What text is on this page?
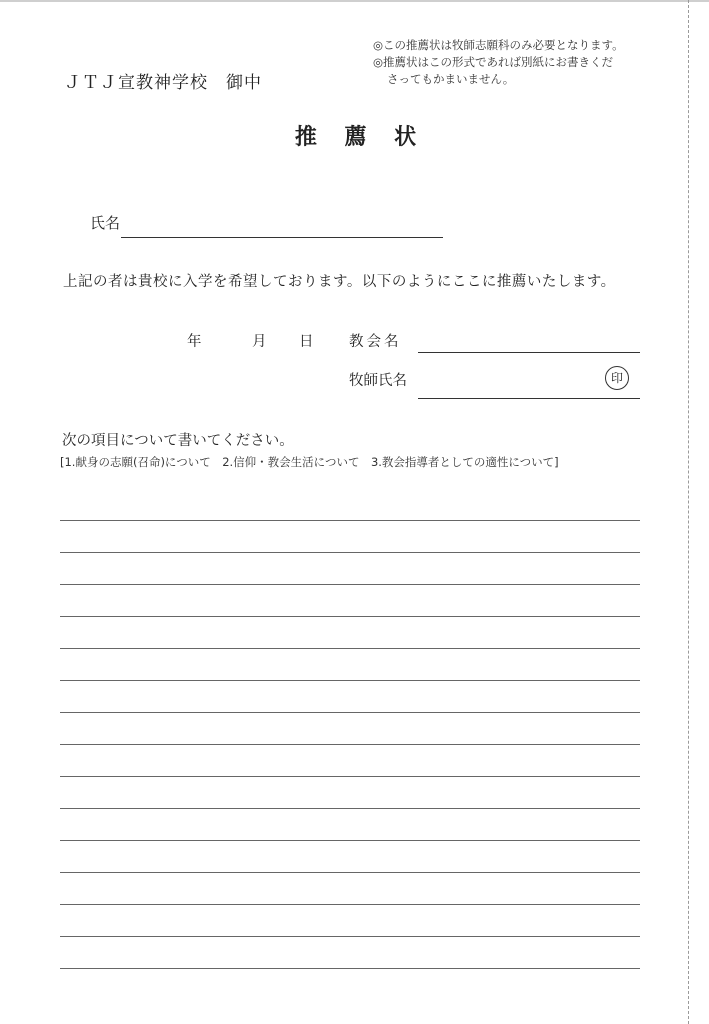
◎この推薦状は牧師志願科のみ必要となります。
◎推薦状はこの形式であれば別紙にお書きくだ
さってもかまいません。
ＪＴＪ宣教神学校　御中
推 薦 状
氏名
上記の者は貴校に入学を希望しております。以下のようにここに推薦いたします。
年	月 日 教会名
牧師氏名	印
次の項目について書いてください。
[1.献身の志願(召命)について　2.信仰・教会生活について　3.教会指導者としての適性について]
